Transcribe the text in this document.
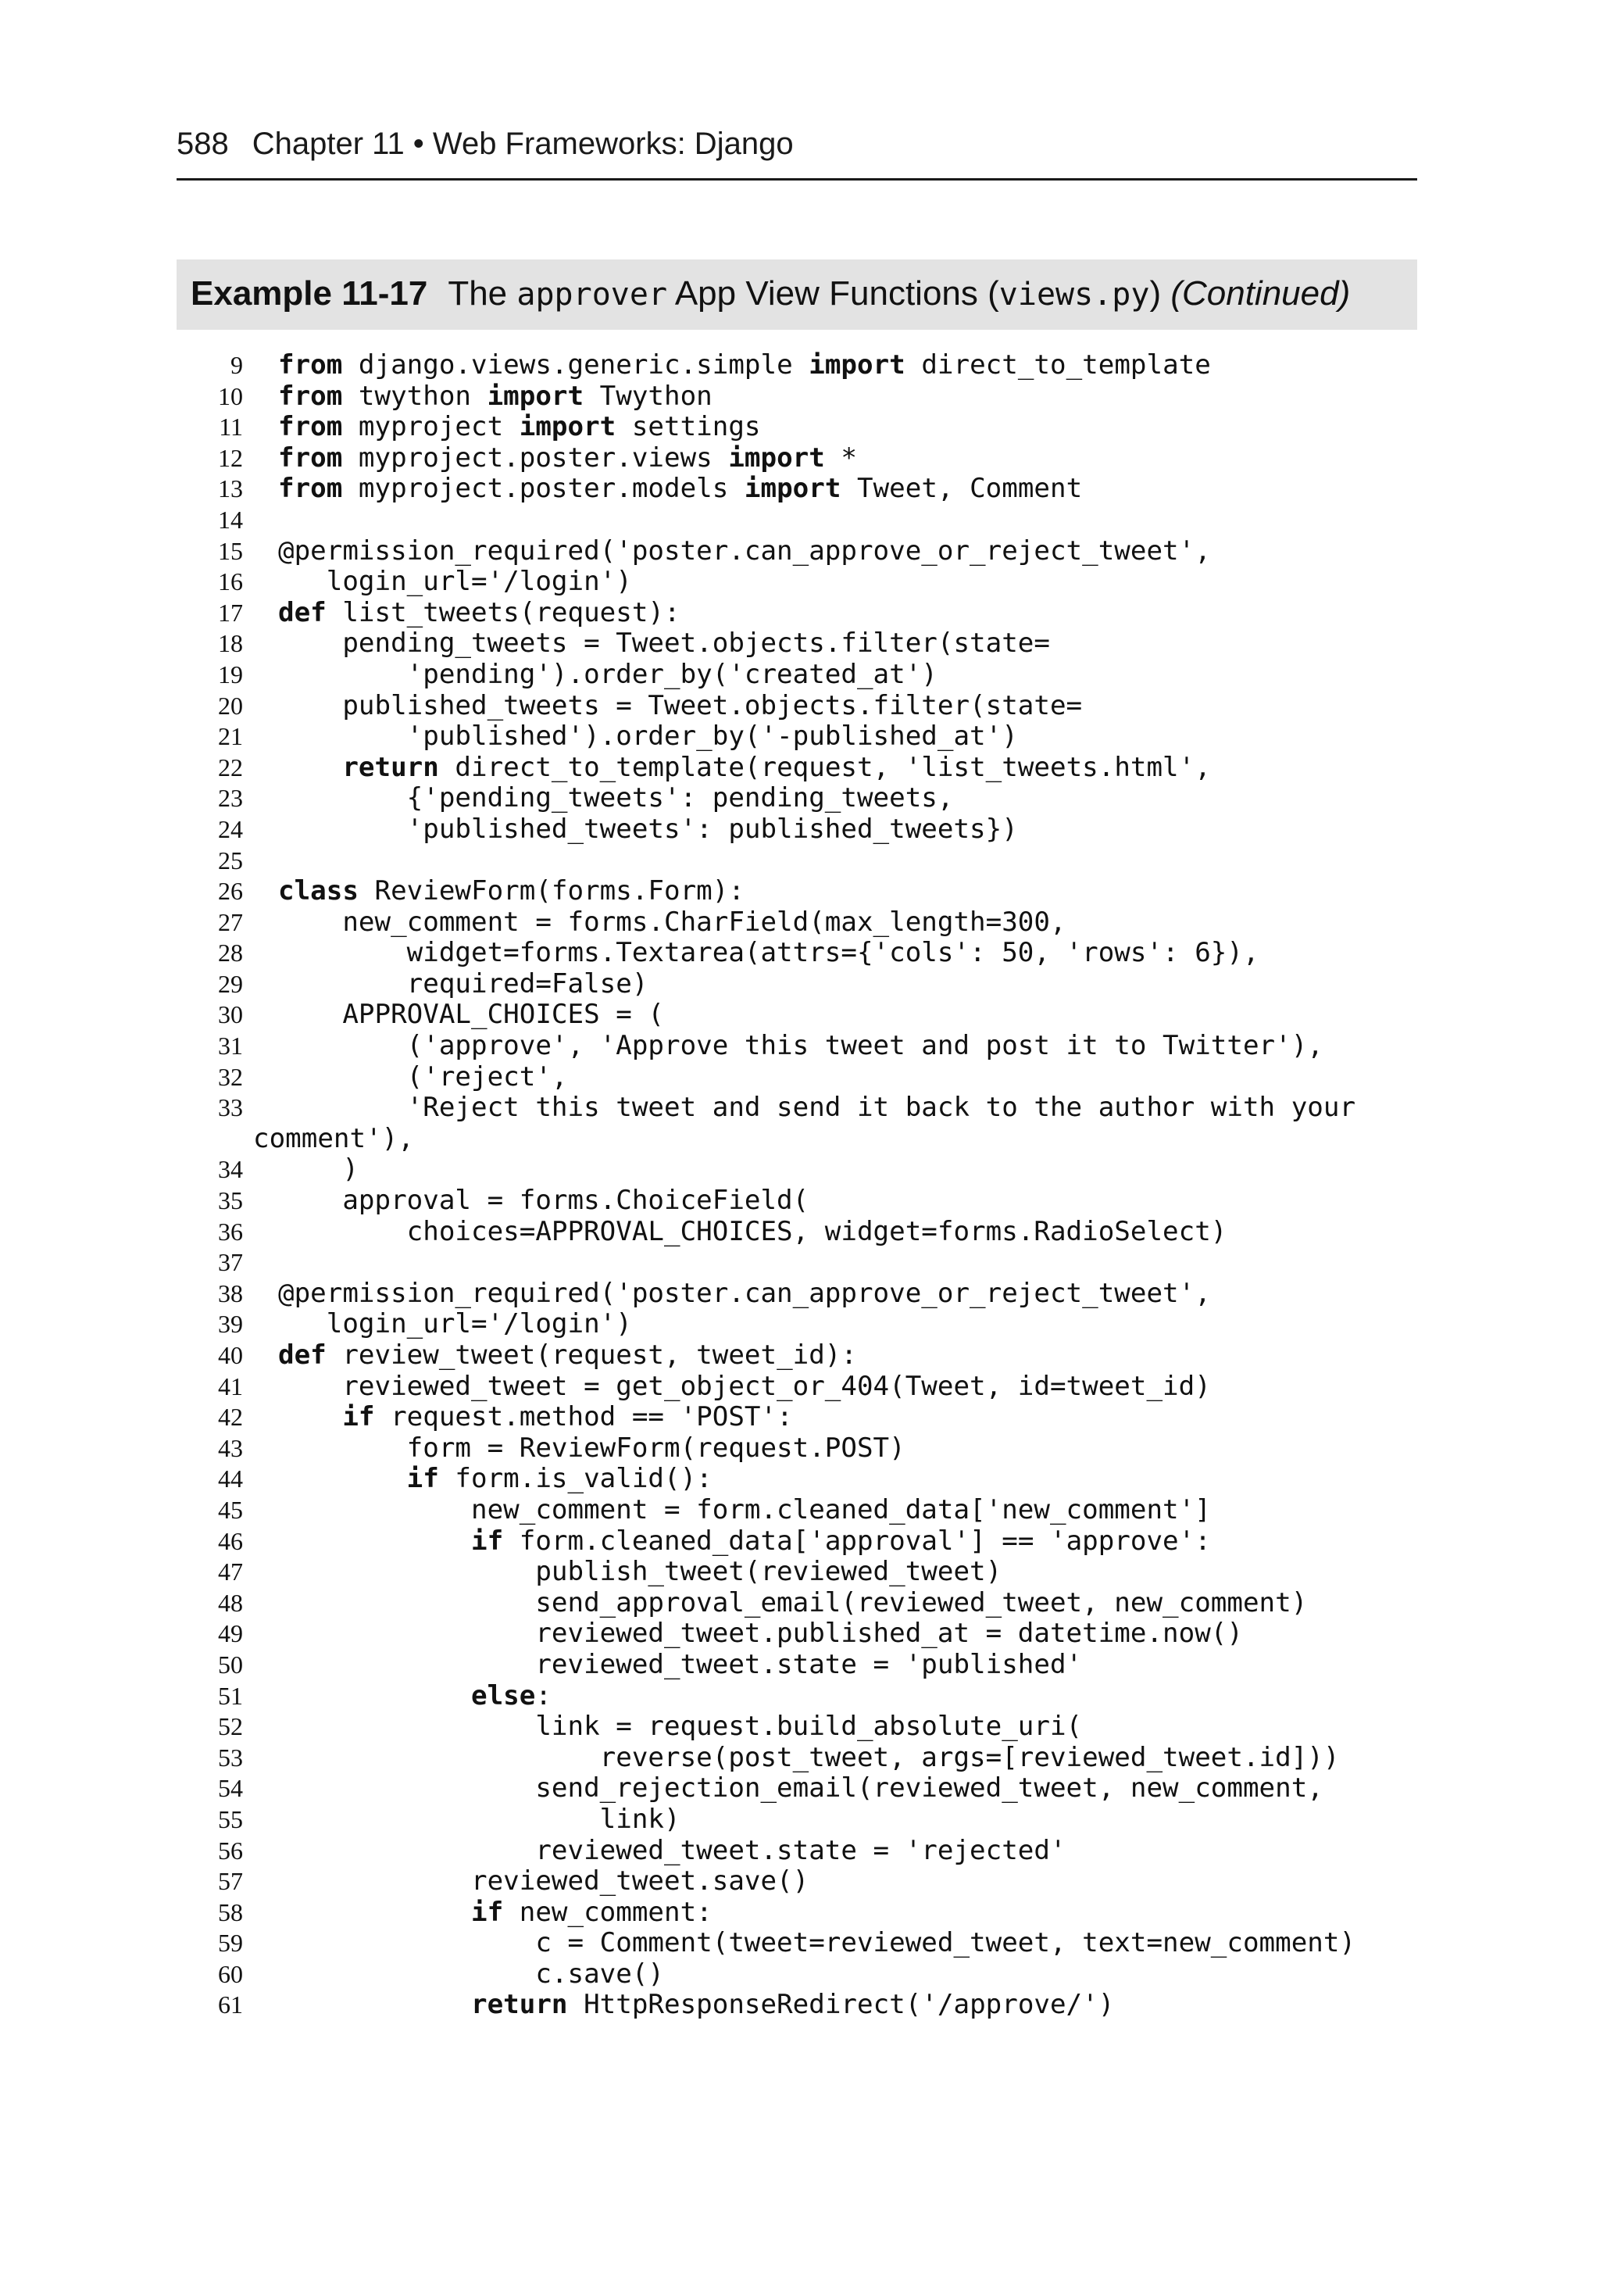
588 Chapter 11 • Web Frameworks: Django
Example 11-17 The approver App View Functions (views.py) (Continued)
9 from django.views.generic.simple import direct_to_template
10 from twython import Twython
11 from myproject import settings
12 from myproject.poster.views import *
13 from myproject.poster.models import Tweet, Comment
14
15 @permission_required('poster.can_approve_or_reject_tweet',
16 login_url='/login')
17 def list_tweets(request):
18 pending_tweets = Tweet.objects.filter(state=
19 'pending').order_by('created_at')
20 published_tweets = Tweet.objects.filter(state=
21 'published').order_by('-published_at')
22	return direct_to_template(request, 'list_tweets.html',
23 {'pending_tweets': pending_tweets,
24 'published_tweets': published_tweets})
25
26 class ReviewForm(forms.Form):
27 new_comment = forms.CharField(max_length=300,
28 widget=forms.Textarea(attrs={'cols': 50, 'rows': 6}),
29 required=False)
30 APPROVAL_CHOICES = (
31 ('approve', 'Approve this tweet and post it to Twitter'),
32 ('reject',
33 'Reject this tweet and send it back to the author with your
comment'),
34 )
35 approval = forms.ChoiceField(
36 choices=APPROVAL_CHOICES, widget=forms.RadioSelect)
37
38 @permission_required('poster.can_approve_or_reject_tweet',
39 login_url='/login')
40 def review_tweet(request, tweet_id):
41 reviewed_tweet = get_object_or_404(Tweet, id=tweet_id)
42	if request.method == 'POST':
43 form = ReviewForm(request.POST)
44	if form.is_valid():
45 new_comment = form.cleaned_data['new_comment']
46	if form.cleaned_data['approval'] == 'approve':
47 publish_tweet(reviewed_tweet)
48 send_approval_email(reviewed_tweet, new_comment)
49 reviewed_tweet.published_at = datetime.now()
50 reviewed_tweet.state = 'published'
51	else:
52 link = request.build_absolute_uri(
53 reverse(post_tweet, args=[reviewed_tweet.id]))
54 send_rejection_email(reviewed_tweet, new_comment,
55 link)
56 reviewed_tweet.state = 'rejected'
57 reviewed_tweet.save()
58	if new_comment:
59 c = Comment(tweet=reviewed_tweet, text=new_comment)
60 c.save()
61	return HttpResponseRedirect('/approve/')
